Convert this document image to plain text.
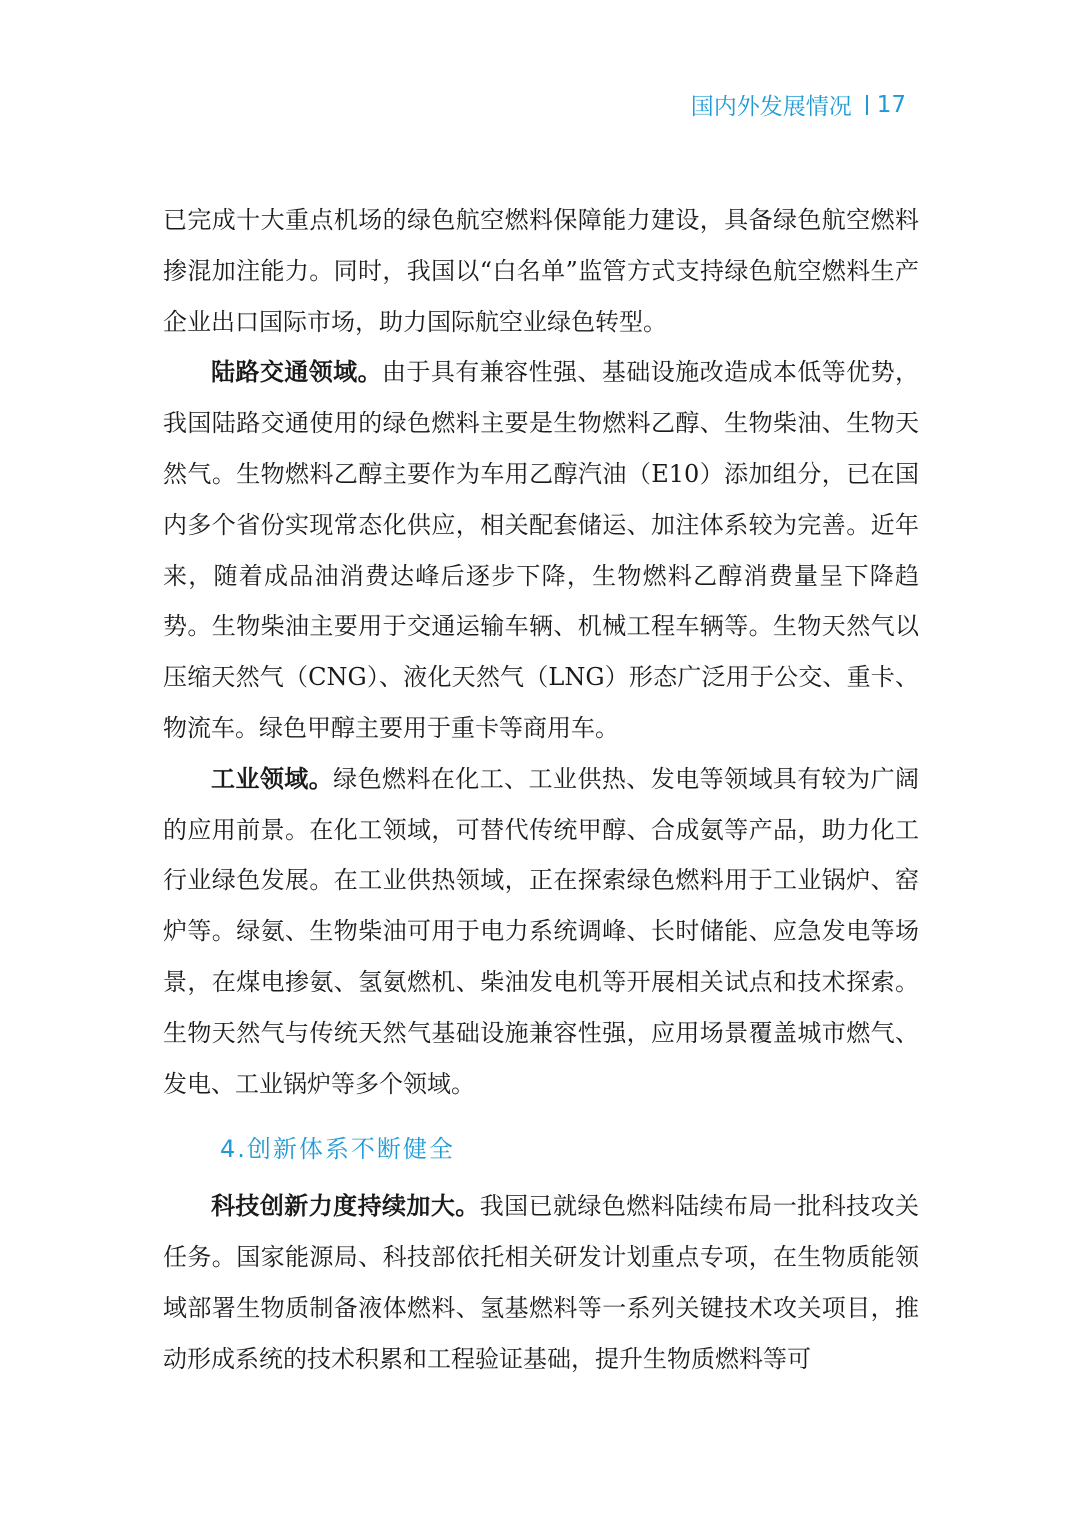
国内外发展情况 17

已完成十大重点机场的绿色航空燃料保障能力建设，具备绿色航空燃料掺混加注能力。同时，我国以“白名单”监管方式支持绿色航空燃料生产企业出口国际市场，助力国际航空业绿色转型。

陆路交通领域。由于具有兼容性强、基础设施改造成本低等优势，我国陆路交通使用的绿色燃料主要是生物燃料乙醇、生物柴油、生物天然气。生物燃料乙醇主要作为车用乙醇汽油（E10）添加组分，已在国内多个省份实现常态化供应，相关配套储运、加注体系较为完善。近年来，随着成品油消费达峰后逐步下降，生物燃料乙醇消费量呈下降趋势。生物柴油主要用于交通运输车辆、机械工程车辆等。生物天然气以压缩天然气（CNG）、液化天然气（LNG）形态广泛用于公交、重卡、物流车。绿色甲醇主要用于重卡等商用车。

工业领域。绿色燃料在化工、工业供热、发电等领域具有较为广阔的应用前景。在化工领域，可替代传统甲醇、合成氨等产品，助力化工行业绿色发展。在工业供热领域，正在探索绿色燃料用于工业锅炉、窑炉等。绿氨、生物柴油可用于电力系统调峰、长时储能、应急发电等场景，在煤电掺氨、氢氨燃机、柴油发电机等开展相关试点和技术探索。生物天然气与传统天然气基础设施兼容性强，应用场景覆盖城市燃气、发电、工业锅炉等多个领域。

4.创新体系不断健全

科技创新力度持续加大。我国已就绿色燃料陆续布局一批科技攻关任务。国家能源局、科技部依托相关研发计划重点专项，在生物质能领域部署生物质制备液体燃料、氢基燃料等一系列关键技术攻关项目，推动形成系统的技术积累和工程验证基础，提升生物质燃料等可
